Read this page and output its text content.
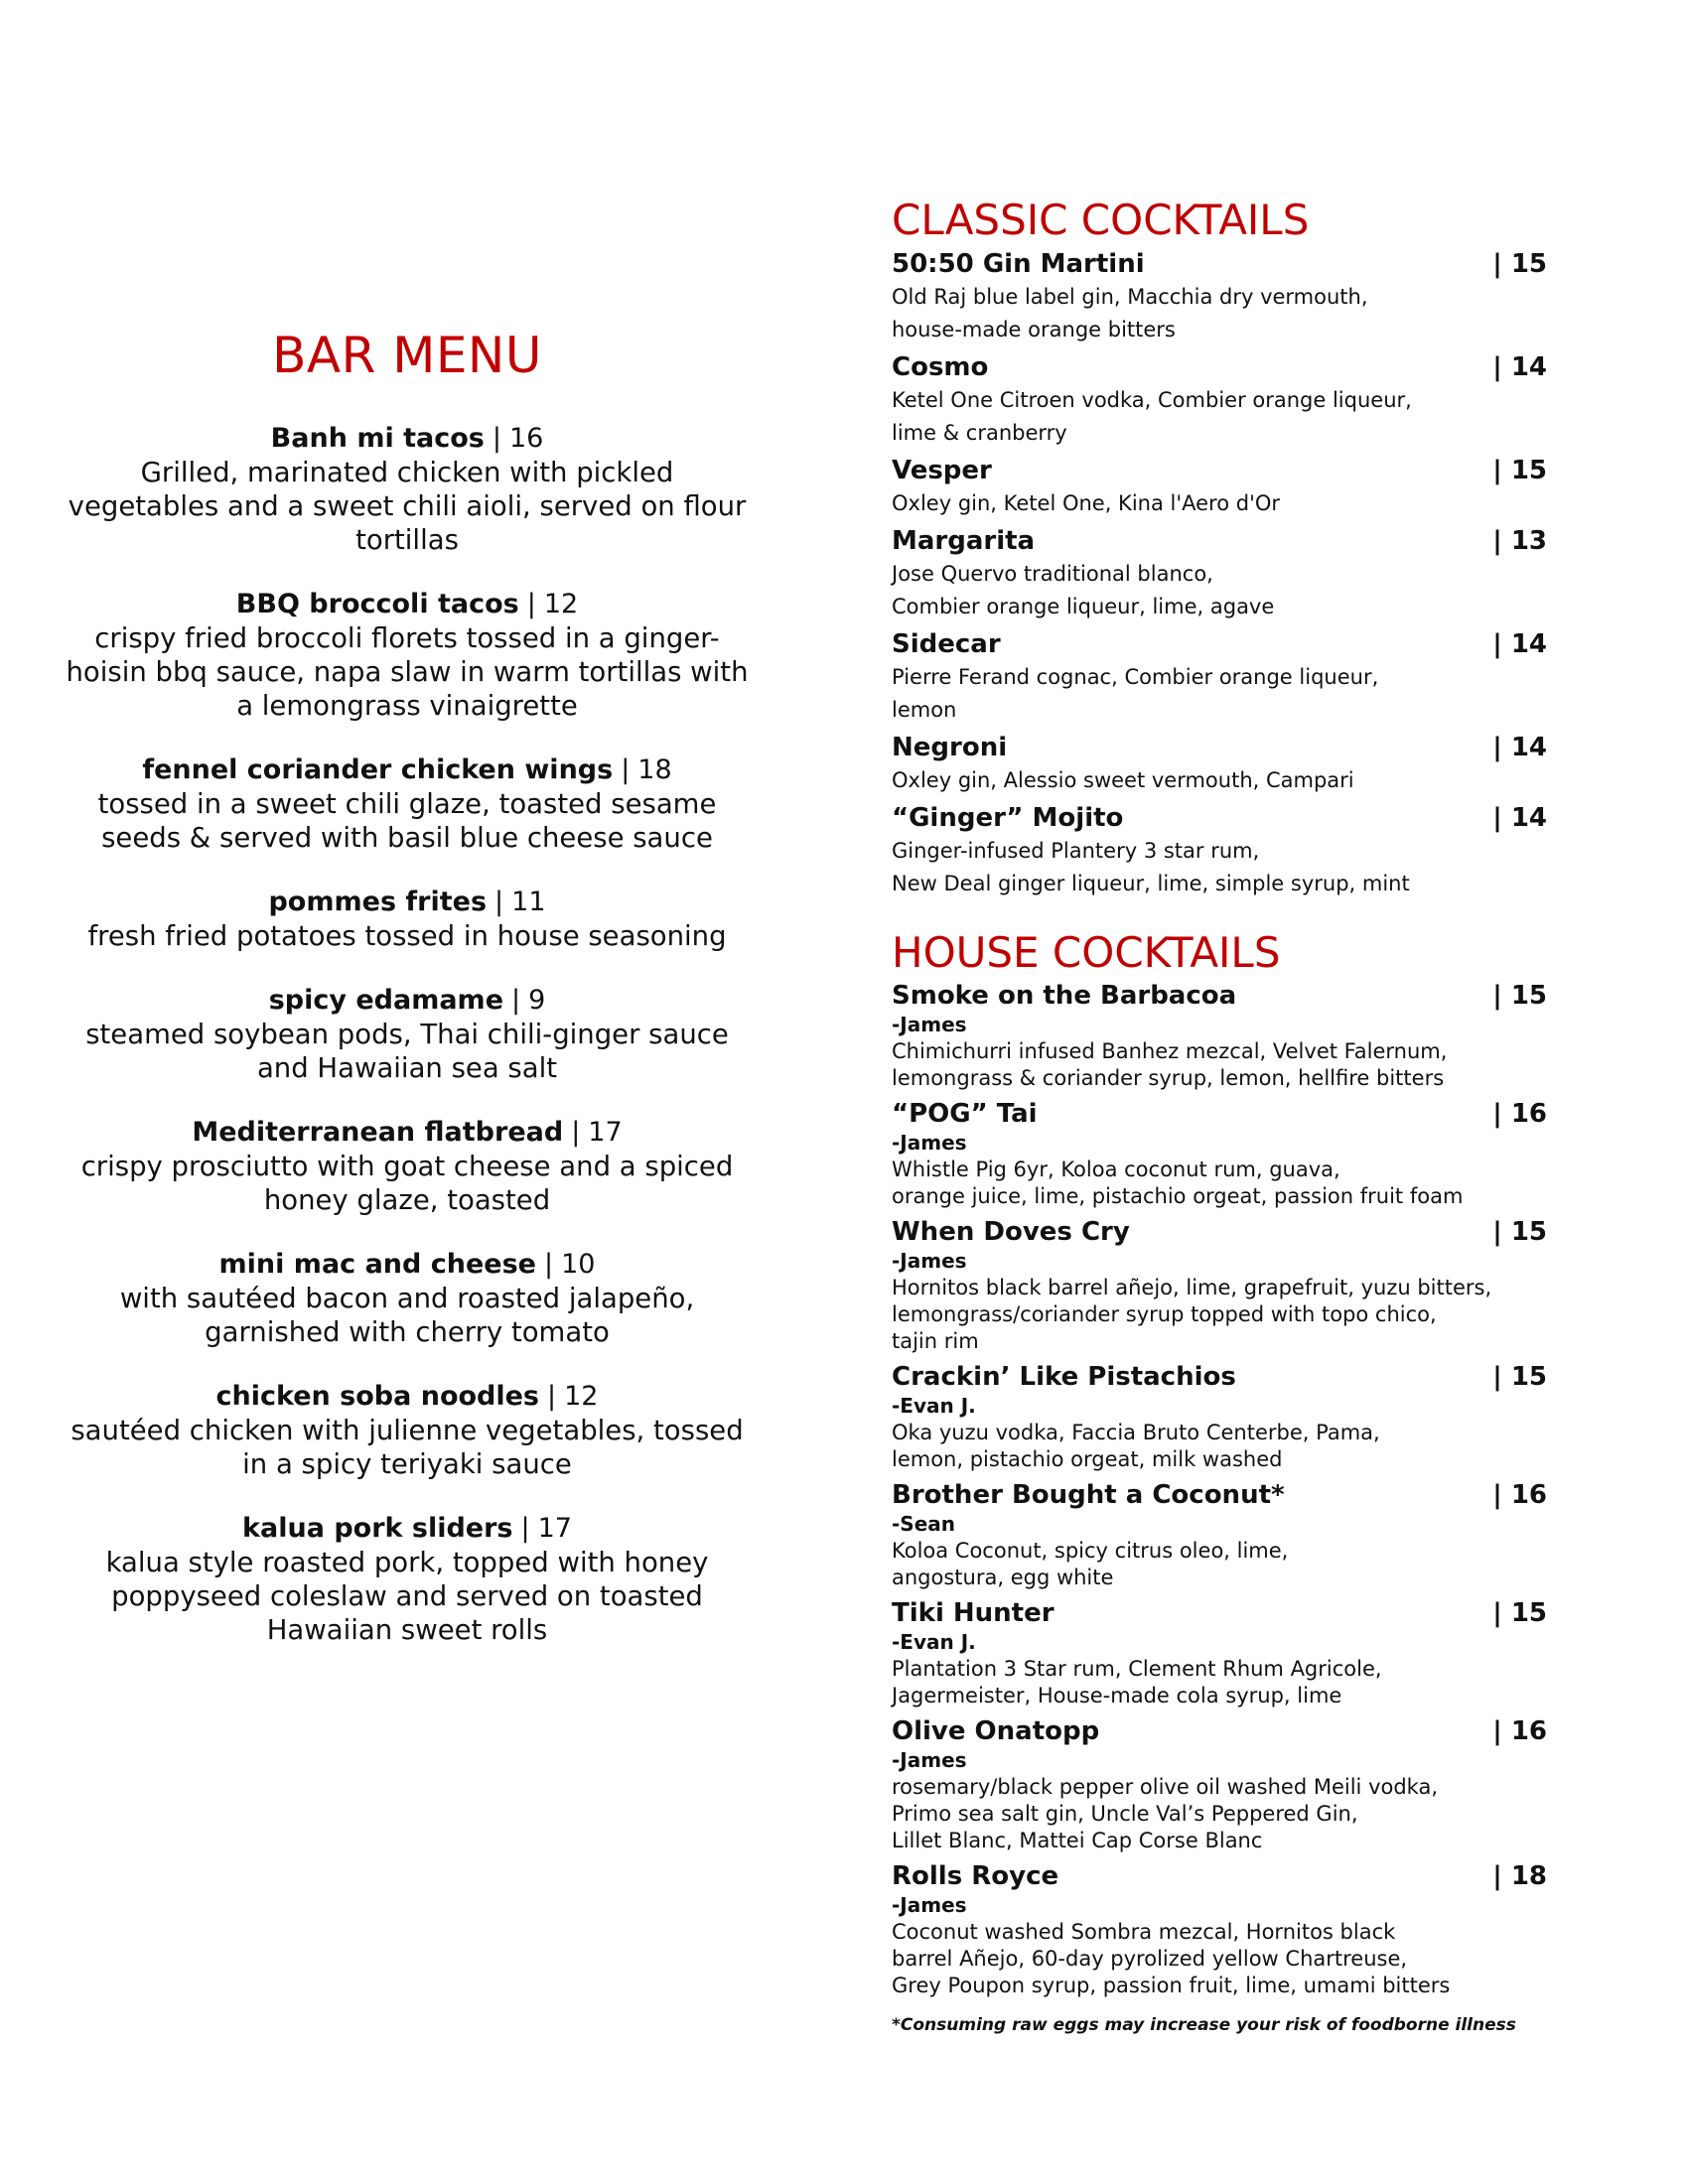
BAR MENU
Banh mi tacos | 16
Grilled, marinated chicken with pickled
vegetables and a sweet chili aioli, served on flour
tortillas
BBQ broccoli tacos | 12
crispy fried broccoli florets tossed in a ginger-
hoisin bbq sauce, napa slaw in warm tortillas with
a lemongrass vinaigrette
fennel coriander chicken wings | 18
tossed in a sweet chili glaze, toasted sesame
seeds & served with basil blue cheese sauce
pommes frites | 11
fresh fried potatoes tossed in house seasoning
spicy edamame | 9
steamed soybean pods, Thai chili-ginger sauce
and Hawaiian sea salt
Mediterranean flatbread | 17
crispy prosciutto with goat cheese and a spiced
honey glaze, toasted
mini mac and cheese | 10
with sautéed bacon and roasted jalapeño,
garnished with cherry tomato
chicken soba noodles | 12
sautéed chicken with julienne vegetables, tossed
in a spicy teriyaki sauce
kalua pork sliders | 17
kalua style roasted pork, topped with honey
poppyseed coleslaw and served on toasted
Hawaiian sweet rolls
CLASSIC COCKTAILS
50:50 Gin Martini	| 15
Old Raj blue label gin, Macchia dry vermouth,
house-made orange bitters
Cosmo	| 14
Ketel One Citroen vodka, Combier orange liqueur,
lime & cranberry
Vesper	| 15
Oxley gin, Ketel One, Kina l'Aero d'Or
Margarita	| 13
Jose Quervo traditional blanco,
Combier orange liqueur, lime, agave
Sidecar	| 14
Pierre Ferand cognac, Combier orange liqueur,
lemon
Negroni	| 14
Oxley gin, Alessio sweet vermouth, Campari
“Ginger” Mojito	| 14
Ginger-infused Plantery 3 star rum,
New Deal ginger liqueur, lime, simple syrup, mint
HOUSE COCKTAILS
Smoke on the Barbacoa	| 15
-James
Chimichurri infused Banhez mezcal, Velvet Falernum,
lemongrass & coriander syrup, lemon, hellfire bitters
“POG” Tai	| 16
-James
Whistle Pig 6yr, Koloa coconut rum, guava,
orange juice, lime, pistachio orgeat, passion fruit foam
When Doves Cry	| 15
-James
Hornitos black barrel añejo, lime, grapefruit, yuzu bitters,
lemongrass/coriander syrup topped with topo chico,
tajin rim
Crackin’ Like Pistachios	| 15
-Evan J.
Oka yuzu vodka, Faccia Bruto Centerbe, Pama,
lemon, pistachio orgeat, milk washed
Brother Bought a Coconut*	| 16
-Sean
Koloa Coconut, spicy citrus oleo, lime,
angostura, egg white
Tiki Hunter	| 15
-Evan J.
Plantation 3 Star rum, Clement Rhum Agricole,
Jagermeister, House-made cola syrup, lime
Olive Onatopp	| 16
-James
rosemary/black pepper olive oil washed Meili vodka,
Primo sea salt gin, Uncle Val’s Peppered Gin,
Lillet Blanc, Mattei Cap Corse Blanc
Rolls Royce	| 18
-James
Coconut washed Sombra mezcal, Hornitos black
barrel Añejo, 60-day pyrolized yellow Chartreuse,
Grey Poupon syrup, passion fruit, lime, umami bitters
*Consuming raw eggs may increase your risk of foodborne illness
